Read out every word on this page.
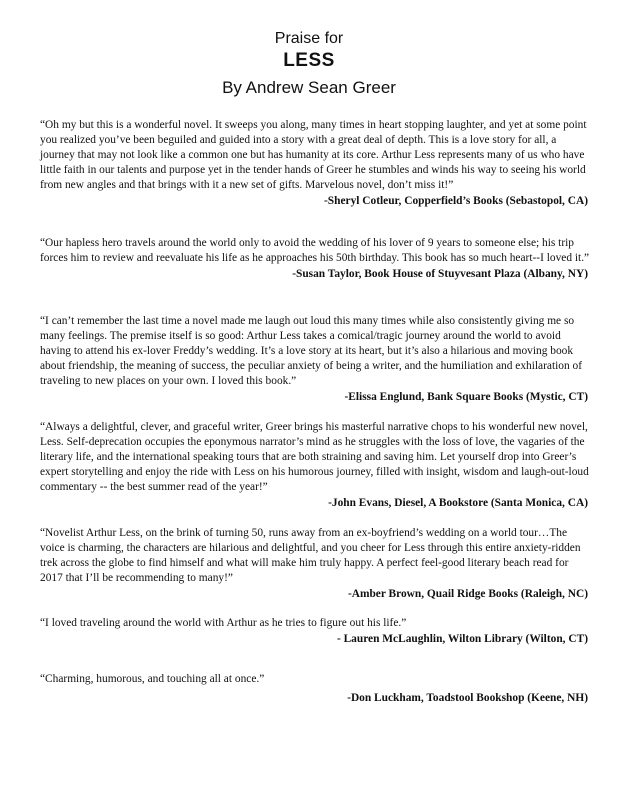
Praise for
LESS
By Andrew Sean Greer

“Oh my but this is a wonderful novel. It sweeps you along, many times in heart stopping laughter, and yet at some point you realized you’ve been beguiled and guided into a story with a great deal of depth. This is a love story for all, a journey that may not look like a common one but has humanity at its core. Arthur Less represents many of us who have little faith in our talents and purpose yet in the tender hands of Greer he stumbles and winds his way to seeing his world from new angles and that brings with it a new set of gifts. Marvelous novel, don’t miss it!”

-Sheryl Cotleur, Copperfield’s Books (Sebastopol, CA)

“Our hapless hero travels around the world only to avoid the wedding of his lover of 9 years to someone else; his trip forces him to review and reevaluate his life as he approaches his 50th birthday. This book has so much heart--I loved it.”

-Susan Taylor, Book House of Stuyvesant Plaza (Albany, NY)

“I can’t remember the last time a novel made me laugh out loud this many times while also consistently giving me so many feelings. The premise itself is so good: Arthur Less takes a comical/tragic journey around the world to avoid having to attend his ex-lover Freddy’s wedding. It’s a love story at its heart, but it’s also a hilarious and moving book about friendship, the meaning of success, the peculiar anxiety of being a writer, and the humiliation and exhilaration of traveling to new places on your own. I loved this book.”

-Elissa Englund, Bank Square Books (Mystic, CT)

“Always a delightful, clever, and graceful writer, Greer brings his masterful narrative chops to his wonderful new novel, Less. Self-deprecation occupies the eponymous narrator’s mind as he struggles with the loss of love, the vagaries of the literary life, and the international speaking tours that are both straining and saving him. Let yourself drop into Greer’s expert storytelling and enjoy the ride with Less on his humorous journey, filled with insight, wisdom and laugh-out-loud commentary -- the best summer read of the year!”

-John Evans, Diesel, A Bookstore (Santa Monica, CA)

“Novelist Arthur Less, on the brink of turning 50, runs away from an ex-boyfriend’s wedding on a world tour…The voice is charming, the characters are hilarious and delightful, and you cheer for Less through this entire anxiety-ridden trek across the globe to find himself and what will make him truly happy. A perfect feel-good literary beach read for 2017 that I’ll be recommending to many!”

-Amber Brown, Quail Ridge Books (Raleigh, NC)

“I loved traveling around the world with Arthur as he tries to figure out his life.”

- Lauren McLaughlin, Wilton Library (Wilton, CT)

“Charming, humorous, and touching all at once.”

-Don Luckham, Toadstool Bookshop (Keene, NH)
